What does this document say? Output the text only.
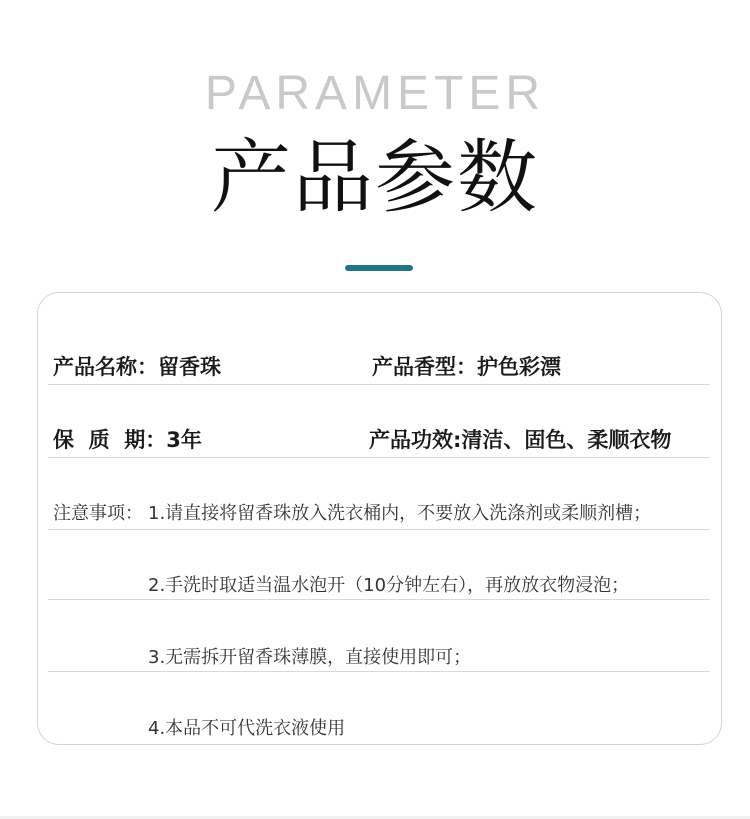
PARAMETER
产品参数
产品名称：留香珠	产品香型：护色彩漂
保  质  期：3年	产品功效:清洁、固色、柔顺衣物
注意事项： 1.请直接将留香珠放入洗衣桶内，不要放入洗涤剂或柔顺剂槽；
2.手洗时取适当温水泡开（10分钟左右），再放放衣物浸泡；
3.无需拆开留香珠薄膜，直接使用即可；
4.本品不可代洗衣液使用
